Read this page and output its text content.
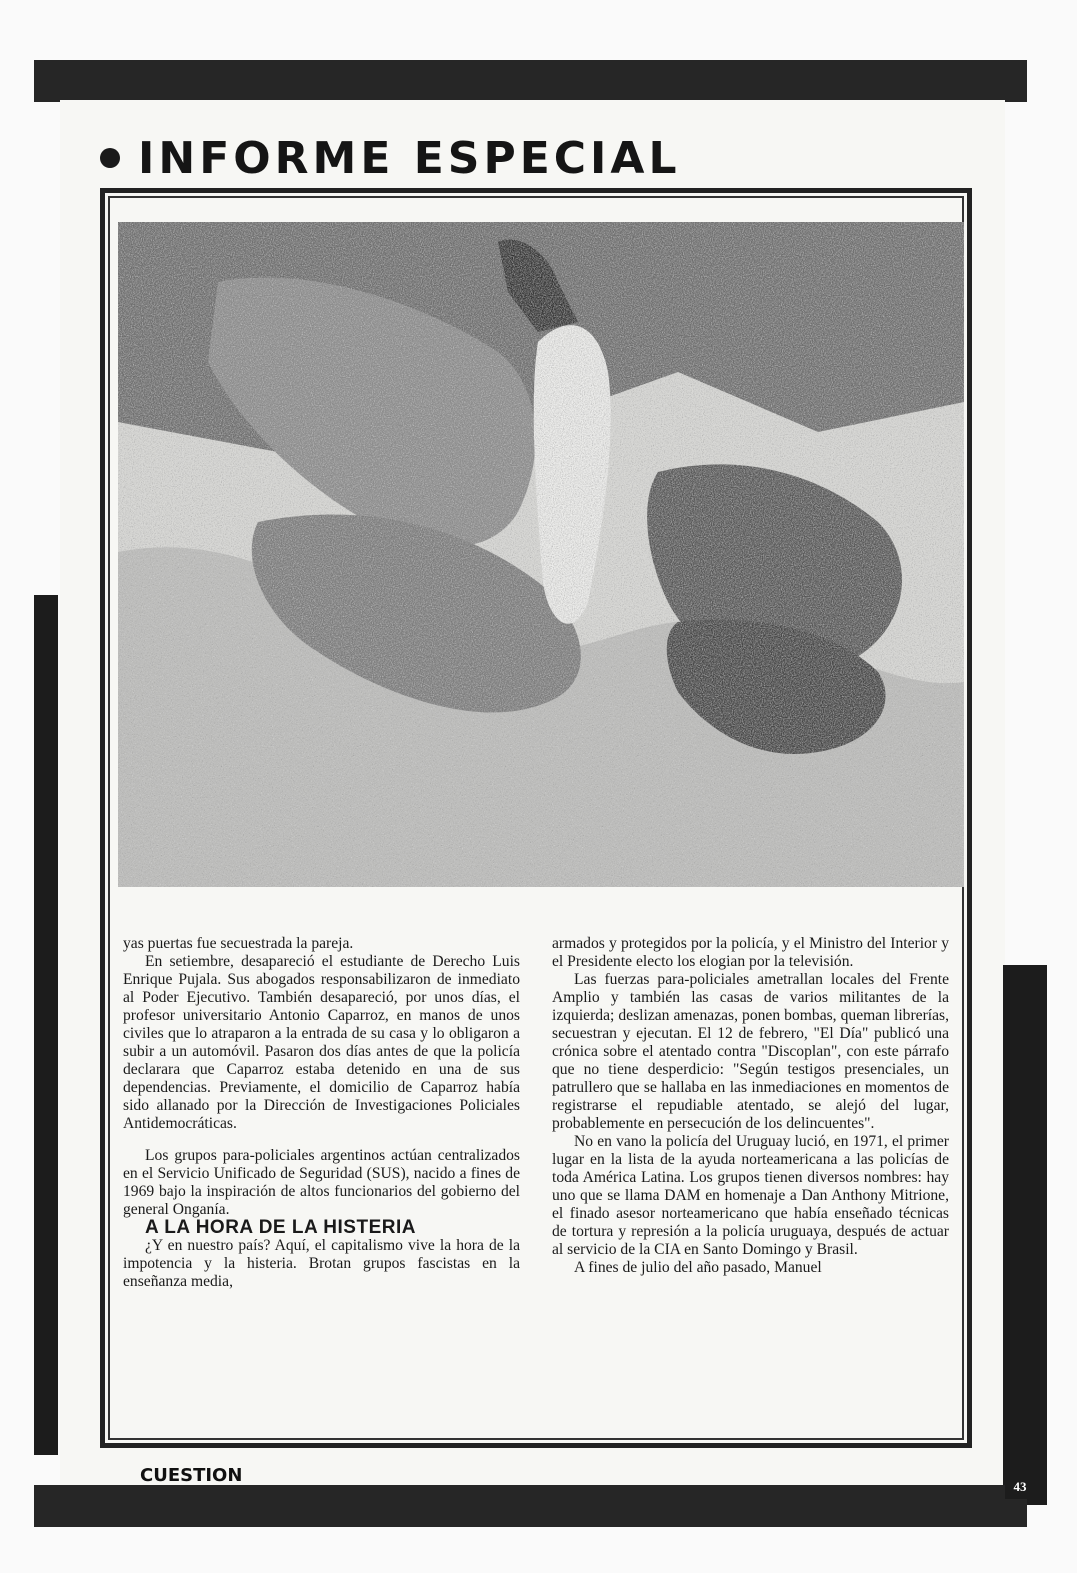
INFORME ESPECIAL

yas puertas fue secuestrada la pareja.

En setiembre, desapareció el estudiante de Derecho Luis Enrique Pujala. Sus abogados responsabilizaron de inmediato al Poder Ejecutivo. También desapareció, por unos días, el profesor universitario Antonio Caparroz, en manos de unos civiles que lo atraparon a la entrada de su casa y lo obligaron a subir a un automóvil. Pasaron dos días antes de que la policía declarara que Caparroz estaba detenido en una de sus dependencias. Previamente, el domicilio de Caparroz había sido allanado por la Dirección de Investigaciones Policiales Antidemocráticas.

Los grupos para-policiales argentinos actúan centralizados en el Servicio Unificado de Seguridad (SUS), nacido a fines de 1969 bajo la inspiración de altos funcionarios del gobierno del general Onganía.

A LA HORA DE LA HISTERIA

¿Y en nuestro país? Aquí, el capitalismo vive la hora de la impotencia y la histeria. Brotan grupos fascistas en la enseñanza media,

armados y protegidos por la policía, y el Ministro del Interior y el Presidente electo los elogian por la televisión.

Las fuerzas para-policiales ametrallan locales del Frente Amplio y también las casas de varios militantes de la izquierda; deslizan amenazas, ponen bombas, queman librerías, secuestran y ejecutan. El 12 de febrero, "El Día" publicó una crónica sobre el atentado contra "Discoplan", con este párrafo que no tiene desperdicio: "Según testigos presenciales, un patrullero que se hallaba en las inmediaciones en momentos de registrarse el repudiable atentado, se alejó del lugar, probablemente en persecución de los delincuentes".

No en vano la policía del Uruguay lució, en 1971, el primer lugar en la lista de la ayuda norteamericana a las policías de toda América Latina. Los grupos tienen diversos nombres: hay uno que se llama DAM en homenaje a Dan Anthony Mitrione, el finado asesor norteamericano que había enseñado técnicas de tortura y represión a la policía uruguaya, después de actuar al servicio de la CIA en Santo Domingo y Brasil.

A fines de julio del año pasado, Manuel

CUESTION
43
